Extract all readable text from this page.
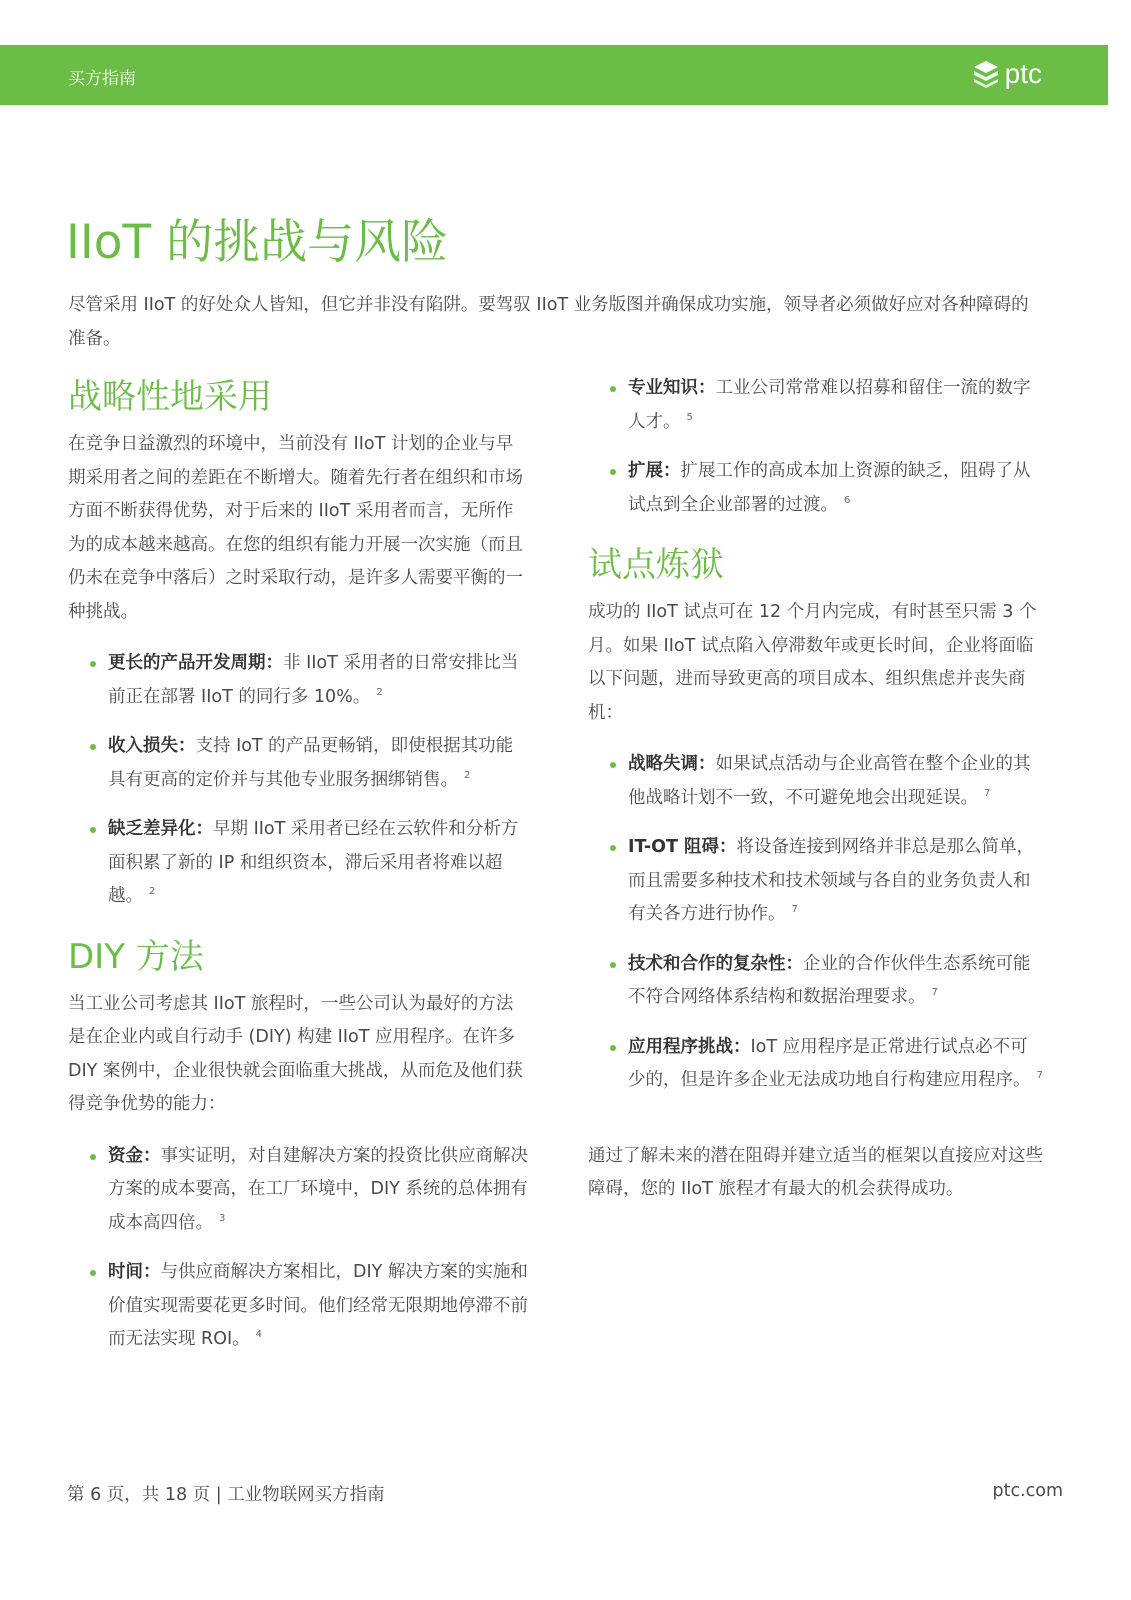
买方指南	ptc
IIoT 的挑战与风险

尽管采用 IIoT 的好处众人皆知，但它并非没有陷阱。要驾驭 IIoT 业务版图并确保成功实施，领导者必须做好应对各种障碍的准备。

战略性地采用

在竞争日益激烈的环境中，当前没有 IIoT 计划的企业与早期采用者之间的差距在不断增大。随着先行者在组织和市场方面不断获得优势，对于后来的 IIoT 采用者而言，无所作为的成本越来越高。在您的组织有能力开展一次实施（而且仍未在竞争中落后）之时采取行动，是许多人需要平衡的一种挑战。

更长的产品开发周期：非 IIoT 采用者的日常安排比当前正在部署 IIoT 的同行多 10%。 $^2$
收入损失：支持 IoT 的产品更畅销，即使根据其功能具有更高的定价并与其他专业服务捆绑销售。 $^2$
缺乏差异化：早期 IIoT 采用者已经在云软件和分析方面积累了新的 IP 和组织资本，滞后采用者将难以超越。 $^2$
DIY 方法

当工业公司考虑其 IIoT 旅程时，一些公司认为最好的方法是在企业内或自行动手 (DIY) 构建 IIoT 应用程序。在许多 DIY 案例中，企业很快就会面临重大挑战，从而危及他们获得竞争优势的能力：

资金：事实证明，对自建解决方案的投资比供应商解决方案的成本要高，在工厂环境中，DIY 系统的总体拥有成本高四倍。 $^3$
时间：与供应商解决方案相比，DIY 解决方案的实施和价值实现需要花更多时间。他们经常无限期地停滞不前而无法实现 ROI。 $^4$
专业知识：工业公司常常难以招募和留住一流的数字人才。 $^5$
扩展：扩展工作的高成本加上资源的缺乏，阻碍了从试点到全企业部署的过渡。 $^6$
试点炼狱

成功的 IIoT 试点可在 12 个月内完成，有时甚至只需 3 个月。如果 IIoT 试点陷入停滞数年或更长时间，企业将面临以下问题，进而导致更高的项目成本、组织焦虑并丧失商机：

战略失调：如果试点活动与企业高管在整个企业的其他战略计划不一致，不可避免地会出现延误。 $^7$
IT-OT 阻碍：将设备连接到网络并非总是那么简单，而且需要多种技术和技术领域与各自的业务负责人和有关各方进行协作。 $^7$
技术和合作的复杂性：企业的合作伙伴生态系统可能不符合网络体系结构和数据治理要求。 $^7$
应用程序挑战：IoT 应用程序是正常进行试点必不可少的，但是许多企业无法成功地自行构建应用程序。 $^7$

通过了解未来的潜在阻碍并建立适当的框架以直接应对这些障碍，您的 IIoT 旅程才有最大的机会获得成功。

第 6 页，共 18 页 | 工业物联网买方指南	ptc.com
